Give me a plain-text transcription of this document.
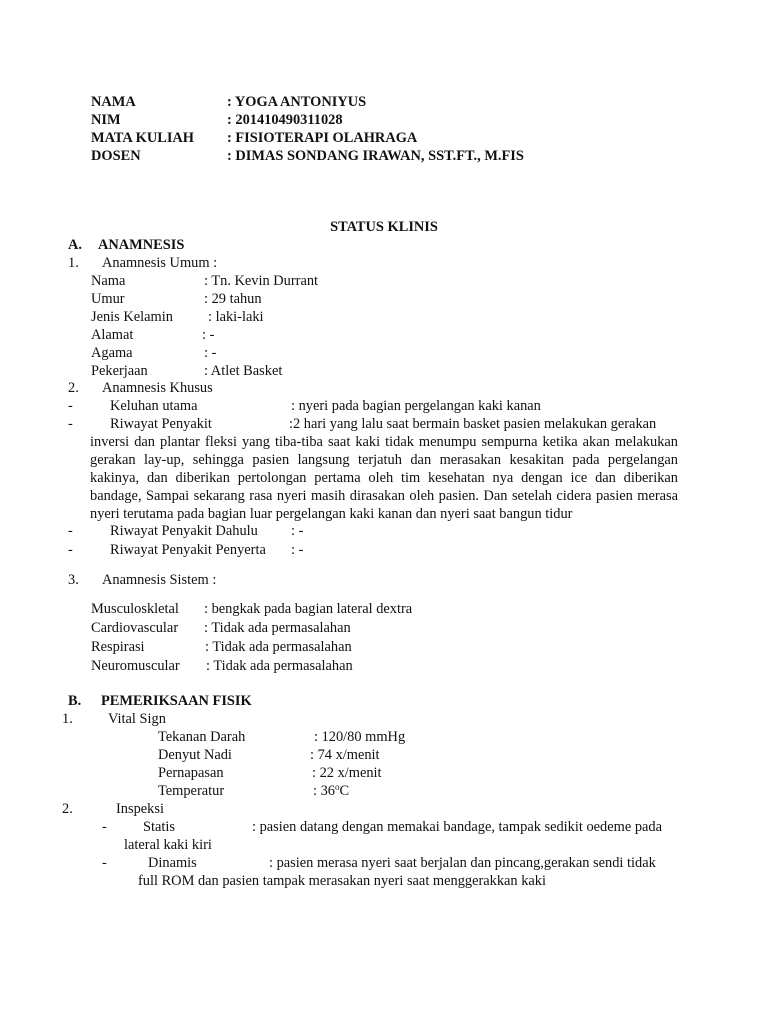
NAMA	: YOGA ANTONIYUS
NIM	: 201410490311028
MATA KULIAH : FISIOTERAPI OLAHRAGA
DOSEN	: DIMAS SONDANG IRAWAN, SST.FT., M.FIS
STATUS KLINIS
A. ANAMNESIS
1. Anamnesis Umum :
Nama	: Tn. Kevin Durrant
Umur	: 29 tahun
Jenis Kelamin : laki-laki
Alamat	: -
Agama	: -
Pekerjaan	: Atlet Basket
2. Anamnesis Khusus
-	Keluhan utama	: nyeri pada bagian pergelangan kaki kanan
-	Riwayat Penyakit	:2 hari yang lalu saat bermain basket pasien melakukan gerakan
inversi dan plantar fleksi yang tiba-tiba saat kaki tidak menumpu sempurna ketika akan melakukan gerakan lay-up, sehingga pasien langsung terjatuh dan merasakan kesakitan pada pergelangan kakinya, dan diberikan pertolongan pertama oleh tim kesehatan nya dengan ice dan diberikan bandage, Sampai sekarang rasa nyeri masih dirasakan oleh pasien. Dan setelah cidera pasien merasa nyeri terutama pada bagian luar pergelangan kaki kanan dan nyeri saat bangun tidur
-	Riwayat Penyakit Dahulu : -
-	Riwayat Penyakit Penyerta : -
3. Anamnesis Sistem :
Musculoskletal : bengkak pada bagian lateral dextra
Cardiovascular : Tidak ada permasalahan
Respirasi	: Tidak ada permasalahan
Neuromuscular : Tidak ada permasalahan
B. PEMERIKSAAN FISIK
1. Vital Sign
Tekanan Darah	: 120/80 mmHg
Denyut Nadi	: 74 x/menit
Pernapasan	: 22 x/menit
Temperatur	: 36$^o$C
2.	Inspeksi
-	Statis	: pasien datang dengan memakai bandage, tampak sedikit oedeme pada
lateral kaki kiri
-	Dinamis	: pasien merasa nyeri saat berjalan dan pincang,gerakan sendi tidak
full ROM dan pasien tampak merasakan nyeri saat menggerakkan kaki
